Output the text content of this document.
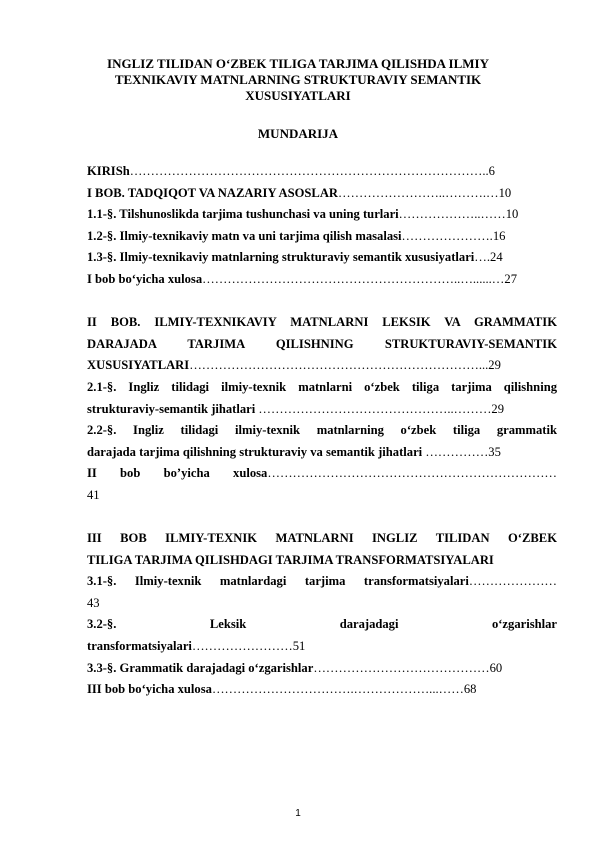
INGLIZ TILIDAN O‘ZBEK TILIGA TARJIMA QILISHDA ILMIY
TEXNIKAVIY MATNLARNING STRUKTURAVIY SEMANTIK
XUSUSIYATLARI
MUNDARIJA
KIRISh…………………………………………………………………………..6
I BOB. TADQIQOT VA NAZARIY ASOSLAR……………………..……….…10
1.1-§. Tilshunoslikda tarjima tushunchasi va uning turlari………………..……10
1.2-§. Ilmiy-texnikaviy matn va uni tarjima qilish masalasi………………….16
1.3-§. Ilmiy-texnikaviy matnlarning strukturaviy semantik xususiyatlari….24
I bob bo‘yicha xulosa……………………………………………………..…......…27
II BOB. ILMIY-TEXNIKAVIY MATNLARNI LEKSIK VA GRAMMATIK
DARAJADA TARJIMA QILISHNING STRUKTURAVIY-SEMANTIK
XUSUSIYATLARI……………………………………………………………...29
2.1-§. Ingliz tilidagi ilmiy-texnik matnlarni o‘zbek tiliga tarjima qilishning
strukturaviy-semantik jihatlari ………………………………………..………29
2.2-§. Ingliz tilidagi ilmiy-texnik matnlarning o‘zbek tiliga grammatik
darajada tarjima qilishning strukturaviy va semantik jihatlari ……………35
II bob bo’yicha xulosa……………………………………………………………
41
III BOB ILMIY-TEXNIK MATNLARNI INGLIZ TILIDAN O‘ZBEK
TILIGA TARJIMA QILISHDAGI TARJIMA TRANSFORMATSIYALARI
3.1-§. Ilmiy-texnik matnlardagi tarjima transformatsiyalari…………………
43
3.2-§.	Leksik	darajadagi	o‘zgarishlar
transformatsiyalari……………………51
3.3-§. Grammatik darajadagi o‘zgarishlar……………………………………60
III bob bo‘yicha xulosa…………………………….………………...……68
1
